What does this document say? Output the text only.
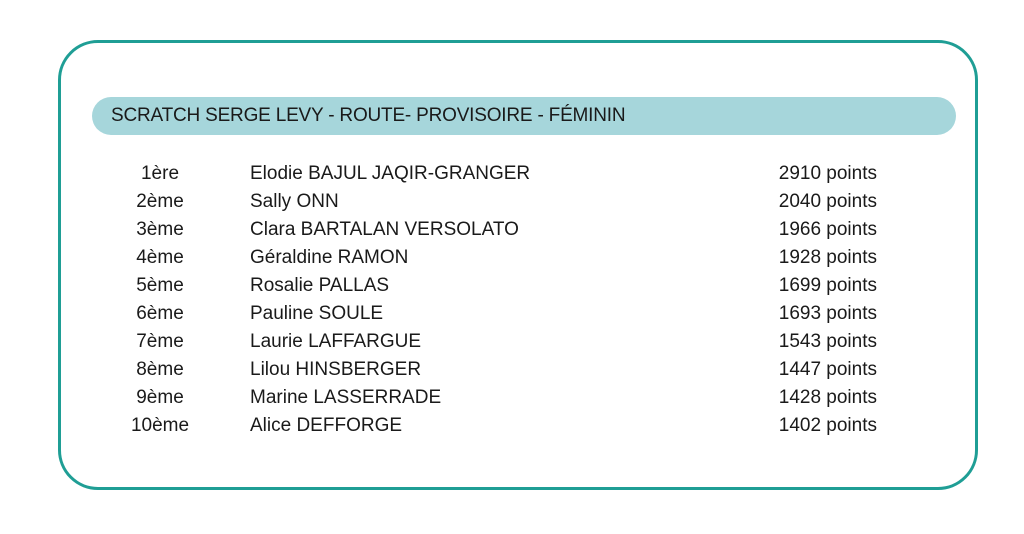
SCRATCH SERGE LEVY - ROUTE- PROVISOIRE - FÉMININ
1ère	Elodie BAJUL JAQIR-GRANGER	2910 points
2ème	Sally ONN	2040 points
3ème	Clara BARTALAN VERSOLATO	1966 points
4ème	Géraldine RAMON	1928 points
5ème	Rosalie PALLAS	1699 points
6ème	Pauline SOULE	1693 points
7ème	Laurie LAFFARGUE	1543 points
8ème	Lilou HINSBERGER	1447 points
9ème	Marine LASSERRADE	1428 points
10ème	Alice DEFFORGE	1402 points
